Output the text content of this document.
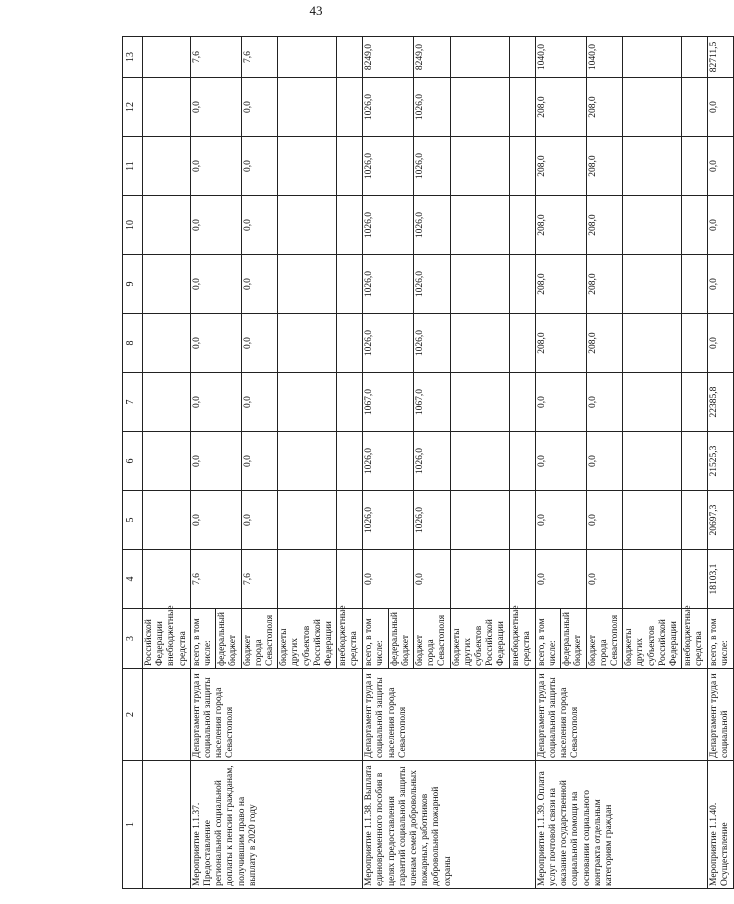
43
1	2	3	4	5	6	7	8	9	10	11	12	13
		Российской Федерации внебюджетные средства										
Мероприятие 1.1.37. Предоставление региональной социальной доплаты к пенсии гражданам, получившим право на выплату в 2020 году	Департамент труда и социальной защиты населения города Севастополя	всего, в том числе:	7,6	0,0	0,0	0,0	0,0	0,0	0,0	0,0	0,0	7,6
		федеральный бюджет										
		бюджет города Севастополя	7,6	0,0	0,0	0,0	0,0	0,0	0,0	0,0	0,0	7,6
		бюджеты других субъектов Российской Федерации										
		внебюджетные средства										
Мероприятие 1.1.38. Выплата единовременного пособия в целях предоставления гарантий социальной защиты членам семей добровольных пожарных, работников добровольной пожарной охраны	Департамент труда и социальной защиты населения города Севастополя	всего, в том числе:	0,0	1026,0	1026,0	1067,0	1026,0	1026,0	1026,0	1026,0	1026,0	8249,0
		федеральный бюджет										
		бюджет города Севастополя	0,0	1026,0	1026,0	1067,0	1026,0	1026,0	1026,0	1026,0	1026,0	8249,0
		бюджеты других субъектов Российской Федерации										
		внебюджетные средства										
Мероприятие 1.1.39. Оплата услуг почтовой связи на оказание государственной социальной помощи на основании социального контракта отдельным категориям граждан	Департамент труда и социальной защиты населения города Севастополя	всего, в том числе:	0,0	0,0	0,0	0,0	208,0	208,0	208,0	208,0	208,0	1040,0
		федеральный бюджет										
		бюджет города Севастополя	0,0	0,0	0,0	0,0	208,0	208,0	208,0	208,0	208,0	1040,0
		бюджеты других субъектов Российской Федерации										
		внебюджетные средства										
Мероприятие 1.1.40. Осуществление	Департамент труда и социальной	всего, в том числе:	18103,1	20697,3	21525,3	22385,8	0,0	0,0	0,0	0,0	0,0	82711,5
